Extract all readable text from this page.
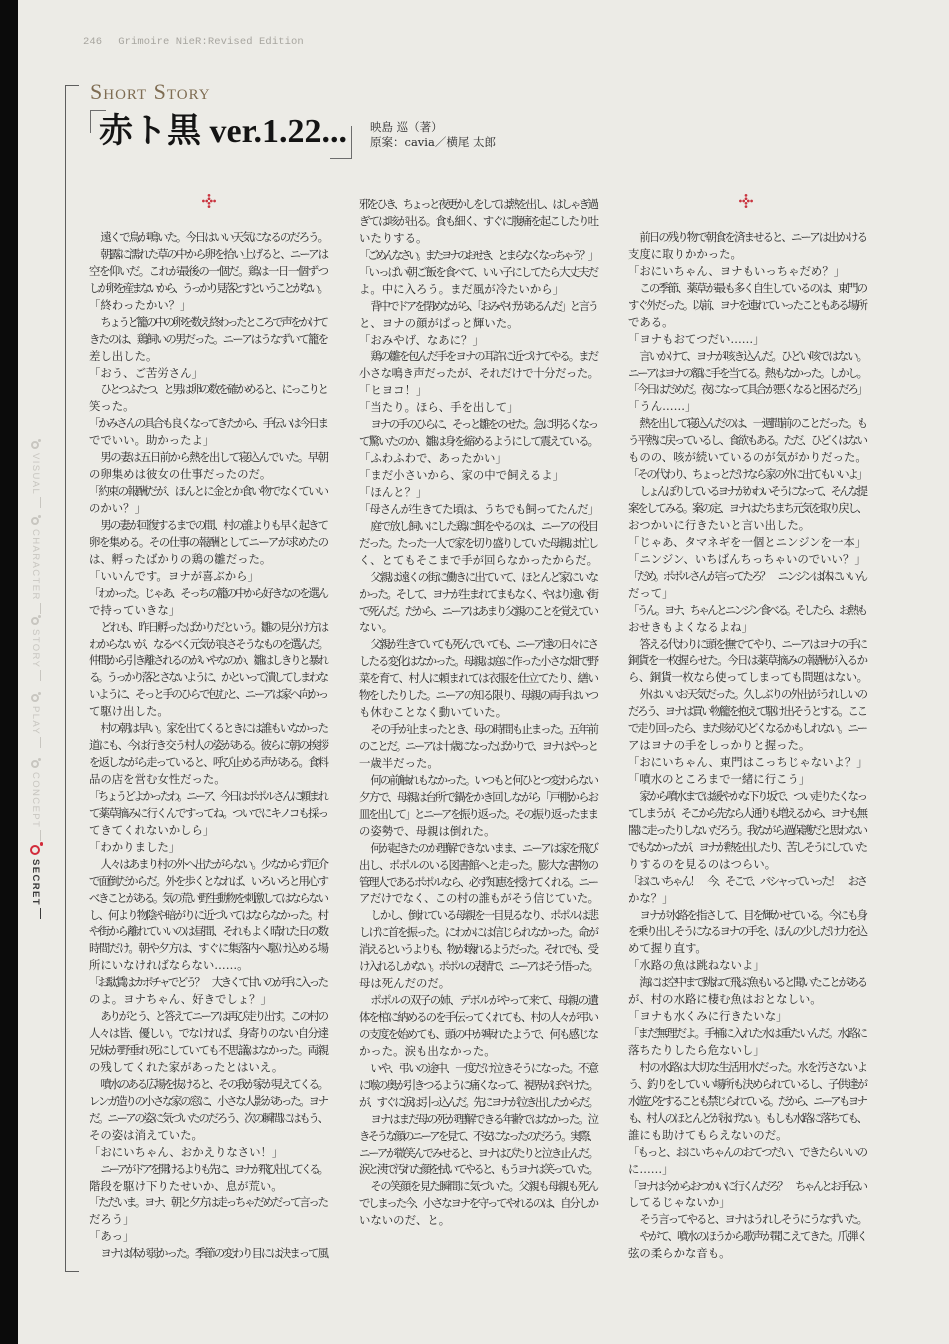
246 Grimoire NieR:Revised Edition
Short Story
赤ト黒 ver.1.22... 映島 巡（著）
原案：cavia／横尾 太郎
VISUAL
CHARACTER
STORY
PLAY
CONCEPT
SECRET
遠くで鳥が鳴いた。今日はいい天気になるのだろう。
朝露に濡れた草の中から卵を拾い上げると、ニーアは
空を仰いだ。これが最後の一個だ。鶏は一日一個ずつ
しか卵を産まないから、うっかり見落とすということがない。
「終わったかい？」
ちょうど籠の中の卵を数え終わったところで声をかけて
きたのは、鶏飼いの男だった。ニーアはうなずいて籠を
差し出した。
「おう、ご苦労さん」
ひとつふたつ、と男は卵の数を確かめると、にっこりと
笑った。
「かみさんの具合も良くなってきたから、手伝いは今日ま
ででいい。助かったよ」
男の妻は五日前から熱を出して寝込んでいた。早朝
の卵集めは彼女の仕事だったのだ。
「約束の報酬だが、ほんとに金とか食い物でなくていい
のかい？」
男の妻が回復するまでの間、村の誰よりも早く起きて
卵を集める。その仕事の報酬としてニーアが求めたの
は、孵ったばかりの鶏の雛だった。
「いいんです。ヨナが喜ぶから」
「わかった。じゃあ、そっちの籠の中から好きなのを選ん
で持っていきな」
どれも、昨日孵ったばかりだという。雛の見分け方は
わからないが、なるべく元気が良さそうなものを選んだ。
仲間から引き離されるのがいやなのか、雛はしきりと暴れ
る。うっかり落とさないように、かといって潰してしまわな
いように、そっと手のひらで包むと、ニーアは家へ向かっ
て駆け出した。
村の朝は早い。家を出てくるときには誰もいなかった
道にも、今は行き交う村人の姿がある。彼らに朝の挨拶
を返しながら走っていると、呼び止める声がある。食料
品の店を営む女性だった。
「ちょうどよかったわ。ニーア、今日はポポルさんに頼まれ
て薬草摘みに行くんですってね。ついでにキノコも採っ
てきてくれないかしら」
「わかりました」
人々はあまり村の外へ出たがらない。少なからず厄介
で面倒だからだ。外を歩くとなれば、いろいろと用心す
べきことがある。気の荒い野生動物を刺激してはならない
し、何より物陰や暗がりに近づいてはならなかった。村
や街から離れていいのは昼間、それもよく晴れた日の数
時間だけ。朝や夕方は、すぐに集落内へ駆け込める場
所にいなければならない……。
「お駄賃はカボチャでどう？　大きくて甘いのが手に入った
のよ。ヨナちゃん、好きでしょ？」
ありがとう、と答えてニーアは再び走り出す。この村の
人々は皆、優しい。でなければ、身寄りのない自分達
兄妹が野垂れ死にしていても不思議はなかった。両親
の残してくれた家があったとはいえ。
噴水のある広場を抜けると、その我が家が見えてくる。
レンガ造りの小さな家の窓に、小さな人影があった。ヨナ
だ。ニーアの姿に気づいたのだろう、次の瞬間にはもう、
その姿は消えていた。
「おにいちゃん、おかえりなさい！」
ニーアがドアを開けるよりも先に、ヨナが飛び出してくる。
階段を駆け下りたせいか、息が荒い。
「ただいま。ヨナ、朝と夕方は走っちゃだめだって言った
だろう」
「あっ」
ヨナは体が弱かった。季節の変わり目には決まって風
邪をひき、ちょっと夜更かしをしては熱を出し、はしゃぎ過
ぎては咳が出る。食も細く、すぐに腹痛を起こしたり吐
いたりする。
「ごめんなさい。またヨナのおせき、とまらなくなっちゃう？」
「いっぱい朝ご飯を食べて、いい子にしてたら大丈夫だ
よ。中に入ろう。まだ風が冷たいから」
背中でドアを閉めながら、「おみやげがあるんだ」と言う
と、ヨナの顔がぱっと輝いた。
「おみやげ、なあに？」
鶏の雛を包んだ手をヨナの耳許に近づけてやる。まだ
小さな鳴き声だったが、それだけで十分だった。
「ヒヨコ！」
「当たり。ほら、手を出して」
ヨナの手のひらに、そっと雛をのせた。急に明るくなっ
て驚いたのか、雛は身を縮めるようにして震えている。
「ふわふわで、あったかい」
「まだ小さいから、家の中で飼えるよ」
「ほんと？」
「母さんが生きてた頃は、うちでも飼ってたんだ」
庭で放し飼いにした鶏に餌をやるのは、ニーアの役目
だった。たった一人で家を切り盛りしていた母親は忙し
く、とてもそこまで手が回らなかったからだ。
父親は遠くの街に働きに出ていて、ほとんど家にいな
かった。そして、ヨナが生まれてまもなく、やはり遠い街
で死んだ。だから、ニーアはあまり父親のことを覚えてい
ない。
父親が生きていても死んでいても、ニーア達の日々にさ
したる変化はなかった。母親は庭に作った小さな畑で野
菜を育て、村人に頼まれては衣服を仕立てたり、繕い
物をしたりした。ニーアの知る限り、母親の両手はいつ
も休むことなく動いていた。
その手が止まったとき、母の時間も止まった。五年前
のことだ。ニーアは十歳になったばかりで、ヨナはやっと
一歳半だった。
何の前触れもなかった。いつもと何ひとつ変わらない
夕方で、母親は台所で鍋をかき回しながら「戸棚からお
皿を出して」とニーアを振り返った。その振り返ったまま
の姿勢で、母親は倒れた。
何が起きたのか理解できないまま、ニーアは家を飛び
出し、ポポルのいる図書館へと走った。膨大な書物の
管理人であるポポルなら、必ず知恵を授けてくれる。ニー
アだけでなく、この村の誰もがそう信じていた。
しかし、倒れている母親を一目見るなり、ポポルは悲
しげに首を振った。にわかには信じられなかった。命が
消えるというよりも、物が壊れるようだった。それでも、受
け入れるしかない。ポポルの表情で、ニーアはそう悟った。
母は死んだのだ。
ポポルの双子の姉、デボルがやって来て、母親の遺
体を棺に納めるのを手伝ってくれても、村の人々が弔い
の支度を始めても、頭の中が痺れたようで、何も感じな
かった。涙も出なかった。
いや、弔いの途中、一度だけ泣きそうになった。不意
に喉の奥が引きつるように痛くなって、視界がぼやけた。
が、すぐに涙は引っ込んだ。先にヨナが泣き出したからだ。
ヨナはまだ母の死が理解できる年齢ではなかった。泣
きそうな顔のニーアを見て、不安になったのだろう。実際、
ニーアが微笑んでみせると、ヨナはぴたりと泣き止んだ。
涙と洟で汚れた顔を拭いてやると、もうヨナは笑っていた。
その笑顔を見た瞬間に気づいた。父親も母親も死ん
でしまった今、小さなヨナを守ってやれるのは、自分しか
いないのだ、と。
前日の残り物で朝食を済ませると、ニーアは出かける
支度に取りかかった。
「おにいちゃん、ヨナもいっちゃだめ？」
この季節、薬草が最も多く自生しているのは、東門の
すぐ外だった。以前、ヨナを連れていったこともある場所
である。
「ヨナもおてつだい……」
言いかけて、ヨナが咳き込んだ。ひどい咳ではない。
ニーアはヨナの額に手を当てる。熱もなかった。しかし。
「今日はだめだ。夜になって具合が悪くなると困るだろ」
「うん……」
熱を出して寝込んだのは、一週間前のことだった。も
う平熱に戻っているし、食欲もある。ただ、ひどくはない
ものの、咳が続いているのが気がかりだった。
「その代わり、ちょっとだけなら家の外に出てもいいよ」
しょんぼりしているヨナがかわいそうになって、そんな提
案をしてみる。案の定、ヨナはたちまち元気を取り戻し、
おつかいに行きたいと言い出した。
「じゃあ、タマネギを一個とニンジンを一本」
「ニンジン、いちばんちっちゃいのでいい？」
「だめ。ポポルさんが言ってたろ？　ニンジンは体にいいん
だって」
「うん。ヨナ、ちゃんとニンジン食べる。そしたら、お熱も
おせきもよくなるよね」
答える代わりに頭を撫でてやり、ニーアはヨナの手に
銅貨を一枚握らせた。今日は薬草摘みの報酬が入るか
ら、銅貨一枚なら使ってしまっても問題はない。
外はいいお天気だった。久しぶりの外出がうれしいの
だろう、ヨナは買い物籠を抱えて駆け出そうとする。ここ
で走り回ったら、また咳がひどくなるかもしれない。ニー
アはヨナの手をしっかりと握った。
「おにいちゃん、東門はこっちじゃないよ？」
「噴水のところまで一緒に行こう」
家から噴水までは緩やかな下り坂で、つい走りたくなっ
てしまうが、そこから先なら人通りも増えるから、ヨナも無
闇に走ったりしないだろう。我ながら過保護だと思わない
でもなかったが、ヨナが熱を出したり、苦しそうにしていた
りするのを見るのはつらい。
「おにいちゃん！　今、そこで、バシャっていった！　おさ
かな？」
ヨナが水路を指さして、目を輝かせている。今にも身
を乗り出しそうになるヨナの手を、ほんの少しだけ力を込
めて握り直す。
「水路の魚は跳ねないよ」
海には空中まで跳ねて飛ぶ魚もいると聞いたことがある
が、村の水路に棲む魚はおとなしい。
「ヨナも水くみに行きたいな」
「まだ無理だよ。手桶に入れた水は重たいんだ。水路に
落ちたりしたら危ないし」
村の水路は大切な生活用水だった。水を汚さないよ
う、釣りをしていい場所も決められているし、子供達が
水遊びをすることも禁じられている。だから、ニーアもヨナ
も、村人のほとんどが泳げない。もしも水路に落ちても、
誰にも助けてもらえないのだ。
「もっと、おにいちゃんのおてつだい、できたらいいの
に……」
「ヨナは今からおつかいに行くんだろ？　ちゃんとお手伝い
してるじゃないか」
そう言ってやると、ヨナはうれしそうにうなずいた。
やがて、噴水のほうから歌声が聞こえてきた。爪弾く
弦の柔らかな音も。
